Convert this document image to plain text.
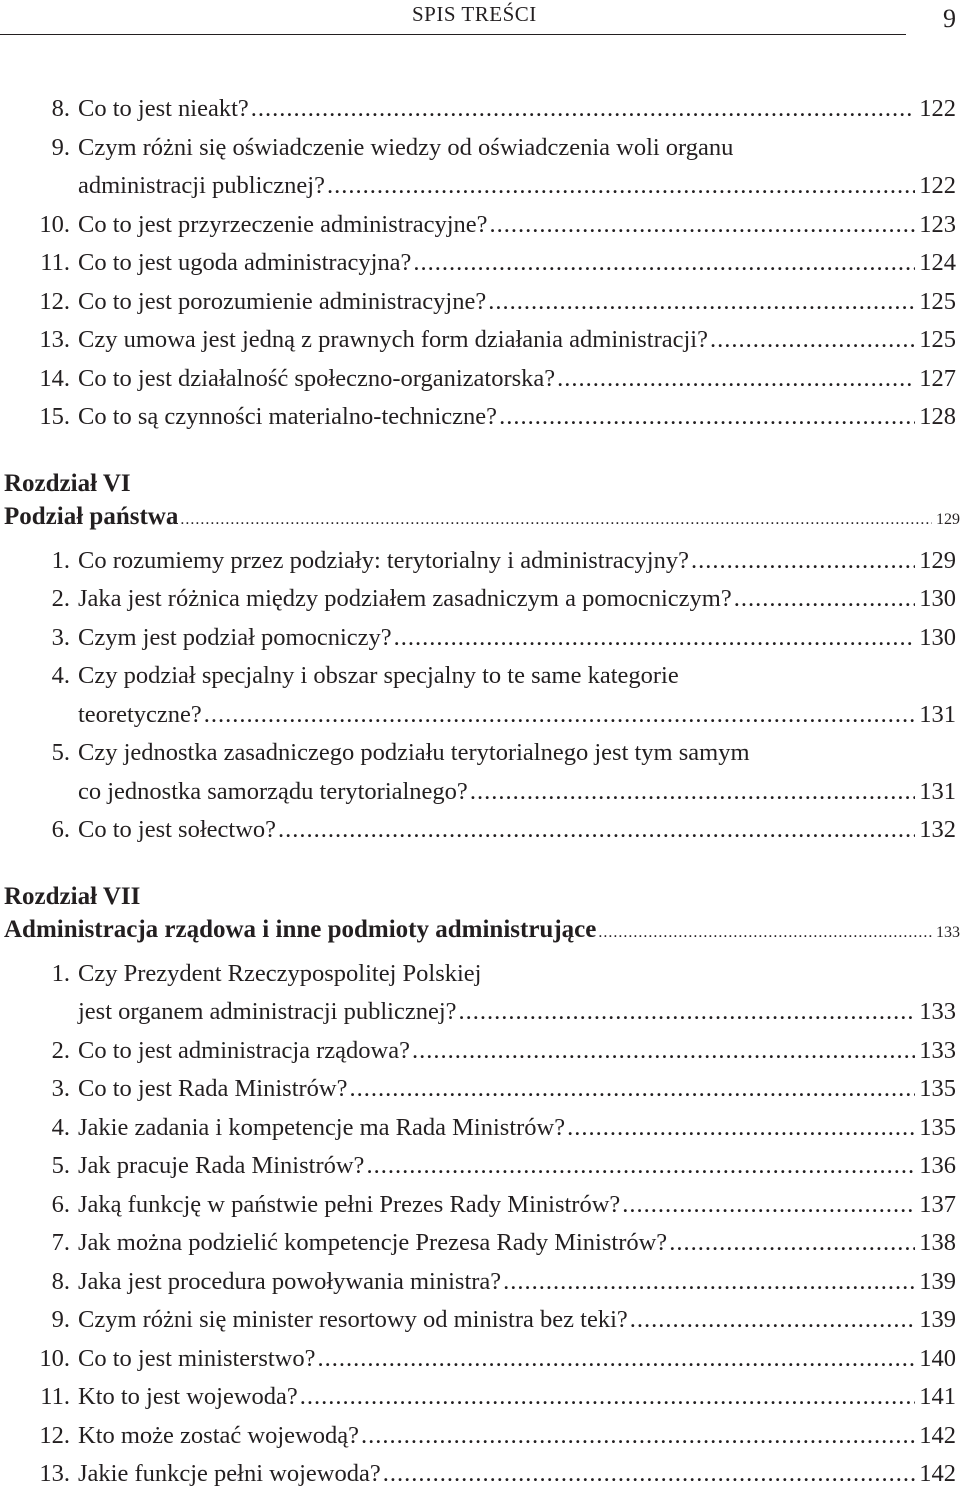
SPIS TREŚCI	9
8. Co to jest nieakt? .....	122
9. Czym różni się oświadczenie wiedzy od oświadczenia woli organu
administracji publicznej? .....	122
10. Co to jest przyrzeczenie administracyjne? .....	123
11. Co to jest ugoda administracyjna? .....	124
12. Co to jest porozumienie administracyjne? .....	125
13. Czy umowa jest jedną z prawnych form działania administracji? .....	125
14. Co to jest działalność społeczno-organizatorska? .....	127
15. Co to są czynności materialno-techniczne? .....	128
Rozdział VI
Podział państwa .....	129
1. Co rozumiemy przez podziały: terytorialny i administracyjny? .....	129
2. Jaka jest różnica między podziałem zasadniczym a pomocniczym? .....	130
3. Czym jest podział pomocniczy? .....	130
4. Czy podział specjalny i obszar specjalny to te same kategorie
teoretyczne? .....	131
5. Czy jednostka zasadniczego podziału terytorialnego jest tym samym
co jednostka samorządu terytorialnego? .....	131
6. Co to jest sołectwo? .....	132
Rozdział VII
Administracja rządowa i inne podmioty administrujące .....	133
1. Czy Prezydent Rzeczypospolitej Polskiej
jest organem administracji publicznej? .....	133
2. Co to jest administracja rządowa? .....	133
3. Co to jest Rada Ministrów? .....	135
4. Jakie zadania i kompetencje ma Rada Ministrów? .....	135
5. Jak pracuje Rada Ministrów? .....	136
6. Jaką funkcję w państwie pełni Prezes Rady Ministrów? .....	137
7. Jak można podzielić kompetencje Prezesa Rady Ministrów? .....	138
8. Jaka jest procedura powoływania ministra? .....	139
9. Czym różni się minister resortowy od ministra bez teki? .....	139
10. Co to jest ministerstwo? .....	140
11. Kto to jest wojewoda? .....	141
12. Kto może zostać wojewodą? .....	142
13. Jakie funkcje pełni wojewoda? .....	142
